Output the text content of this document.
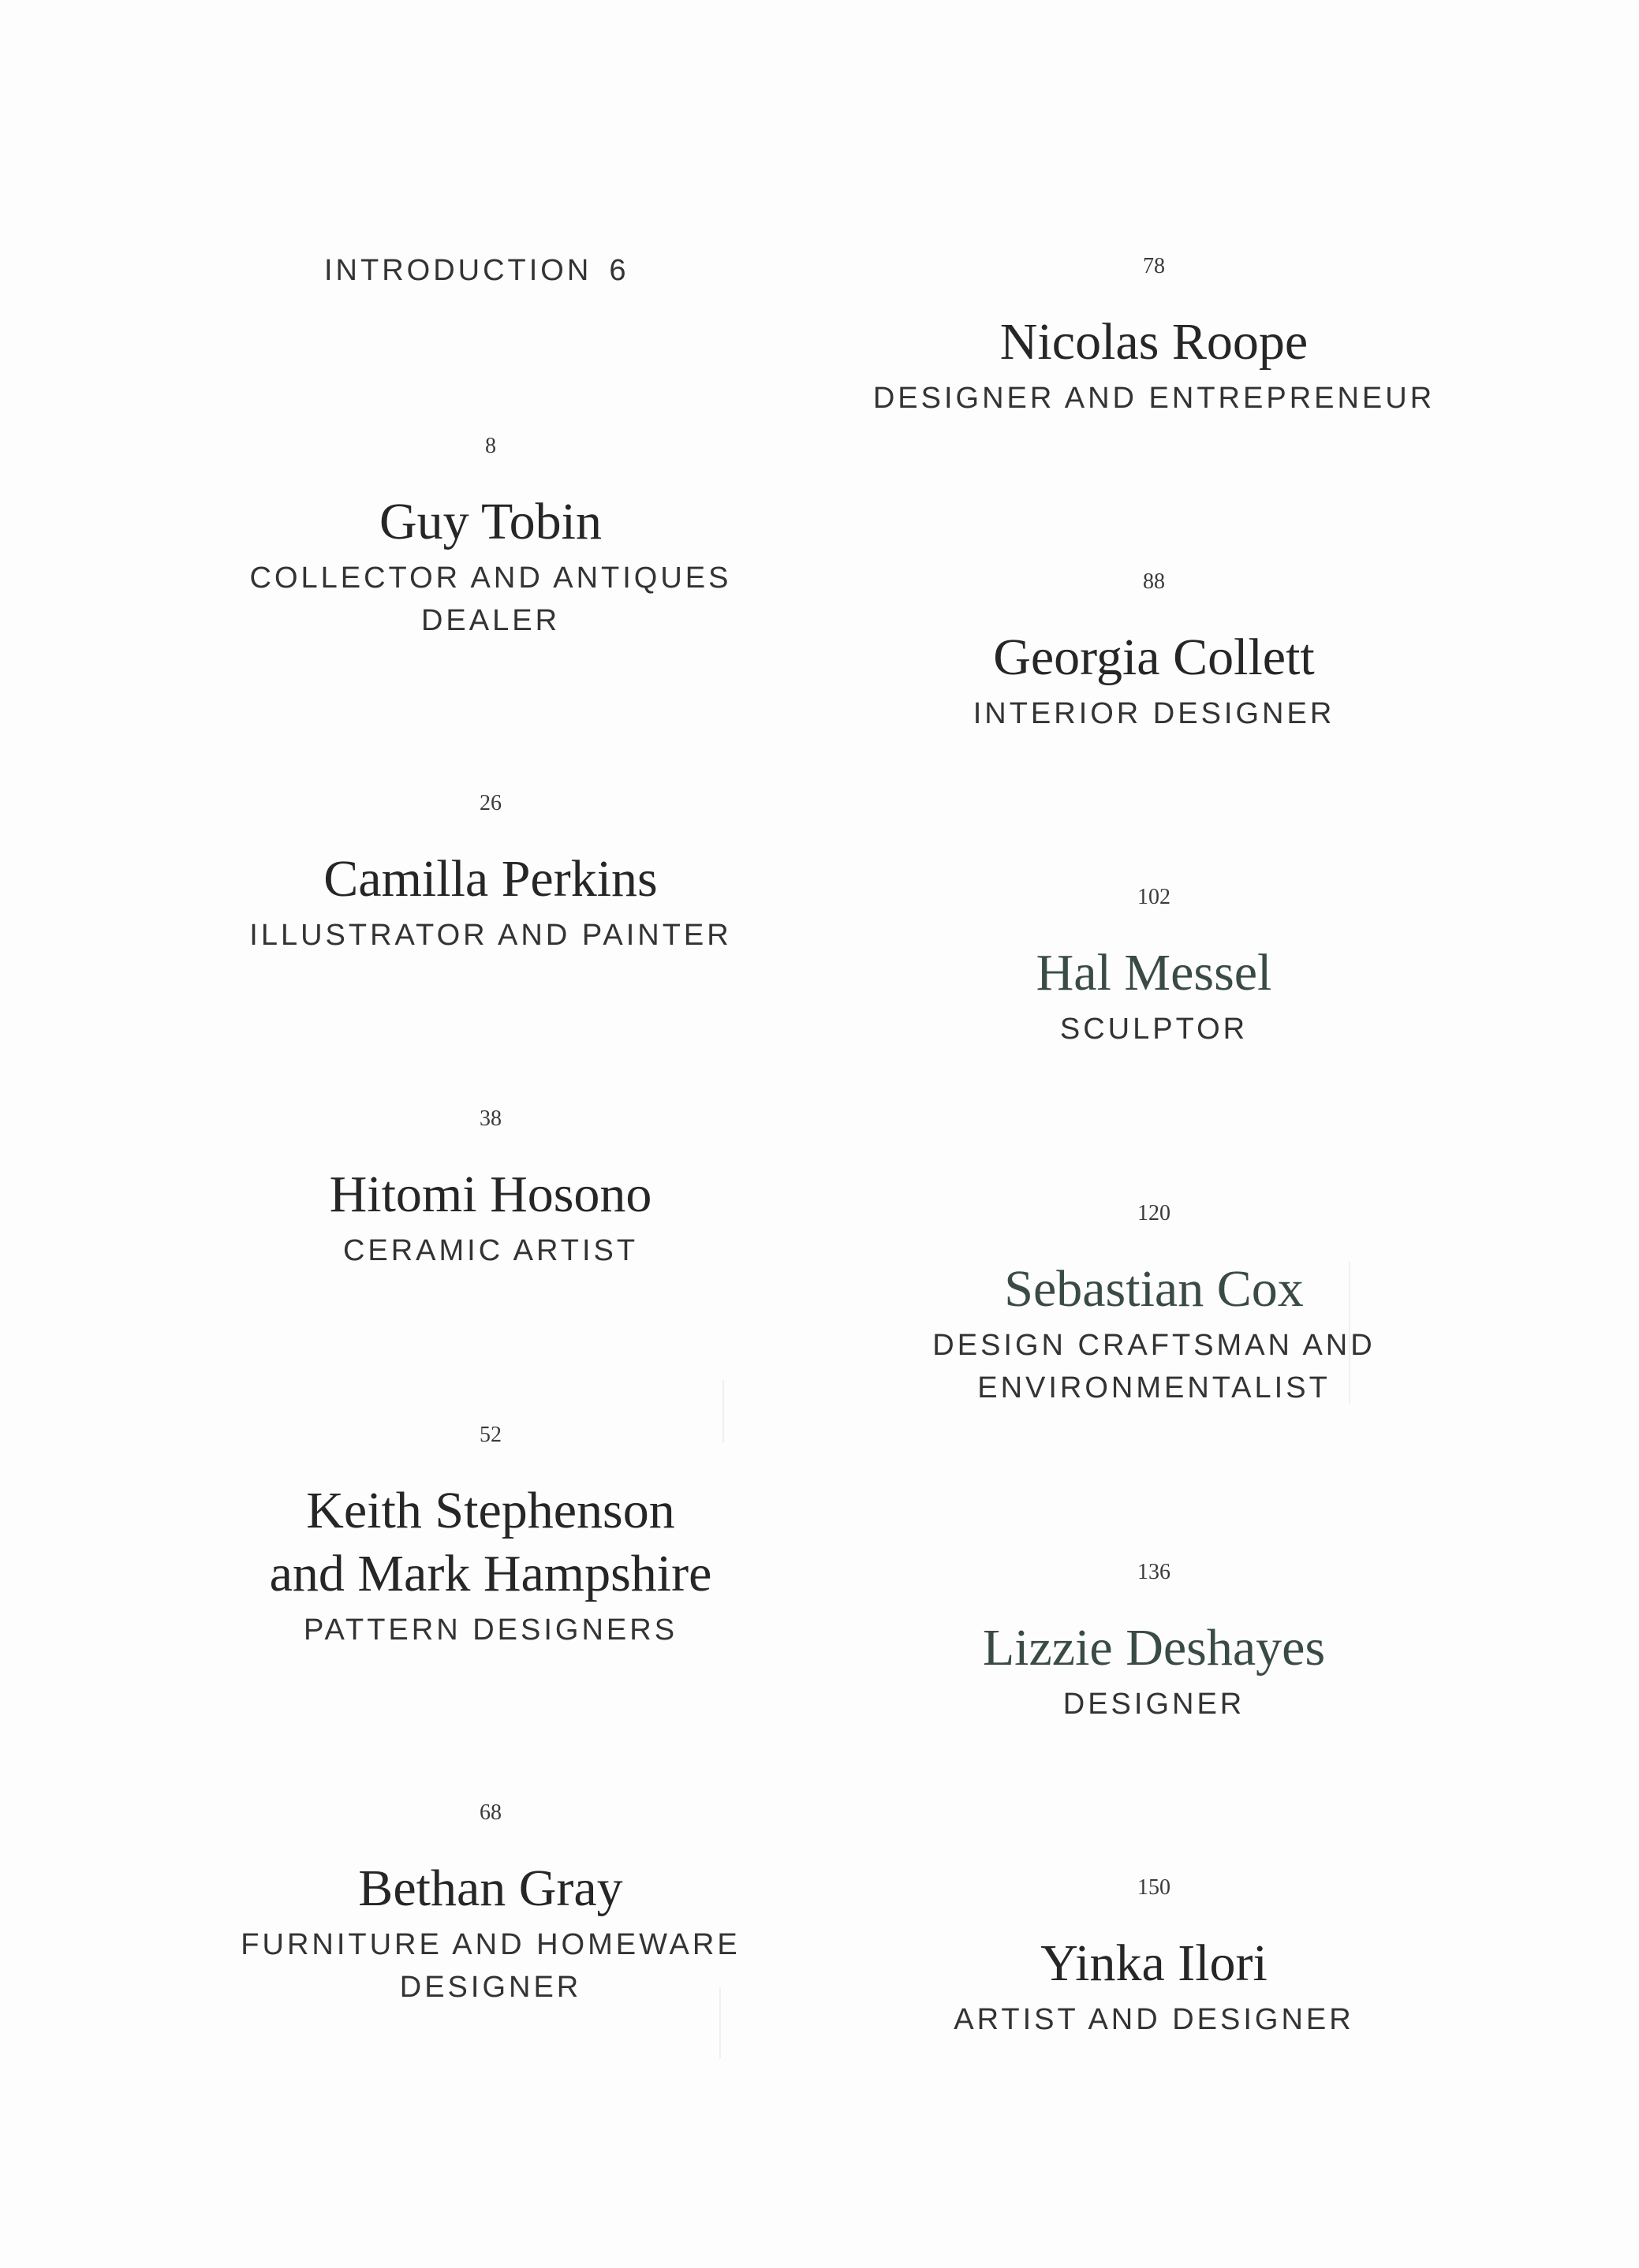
INTRODUCTION 6
8
Guy Tobin
COLLECTOR AND ANTIQUES
DEALER
26
Camilla Perkins
ILLUSTRATOR AND PAINTER
38
Hitomi Hosono
CERAMIC ARTIST
52
Keith Stephenson
and Mark Hampshire
PATTERN DESIGNERS
68
Bethan Gray
FURNITURE AND HOMEWARE
DESIGNER
78
Nicolas Roope
DESIGNER AND ENTREPRENEUR
88
Georgia Collett
INTERIOR DESIGNER
102
Hal Messel
SCULPTOR
120
Sebastian Cox
DESIGN CRAFTSMAN AND
ENVIRONMENTALIST
136
Lizzie Deshayes
DESIGNER
150
Yinka Ilori
ARTIST AND DESIGNER
